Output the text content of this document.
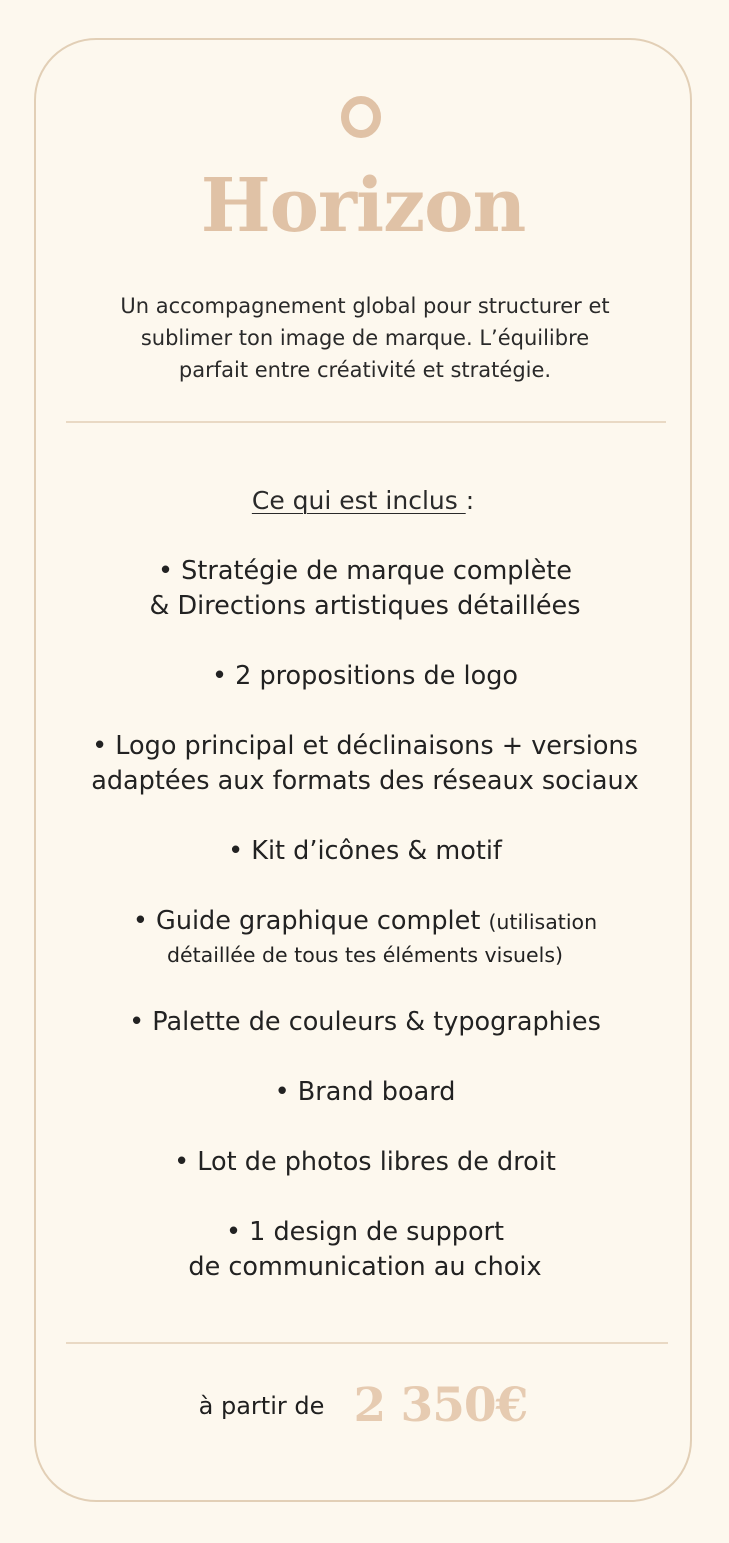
Horizon
Un accompagnement global pour structurer et
sublimer ton image de marque. L’équilibre
parfait entre créativité et stratégie.
Ce qui est inclus :
• Stratégie de marque complète
& Directions artistiques détaillées
• 2 propositions de logo
• Logo principal et déclinaisons + versions
adaptées aux formats des réseaux sociaux
• Kit d’icônes & motif
• Guide graphique complet (utilisation
détaillée de tous tes éléments visuels)
• Palette de couleurs & typographies
• Brand board
• Lot de photos libres de droit
• 1 design de support
de communication au choix
à partir de 2 350€
